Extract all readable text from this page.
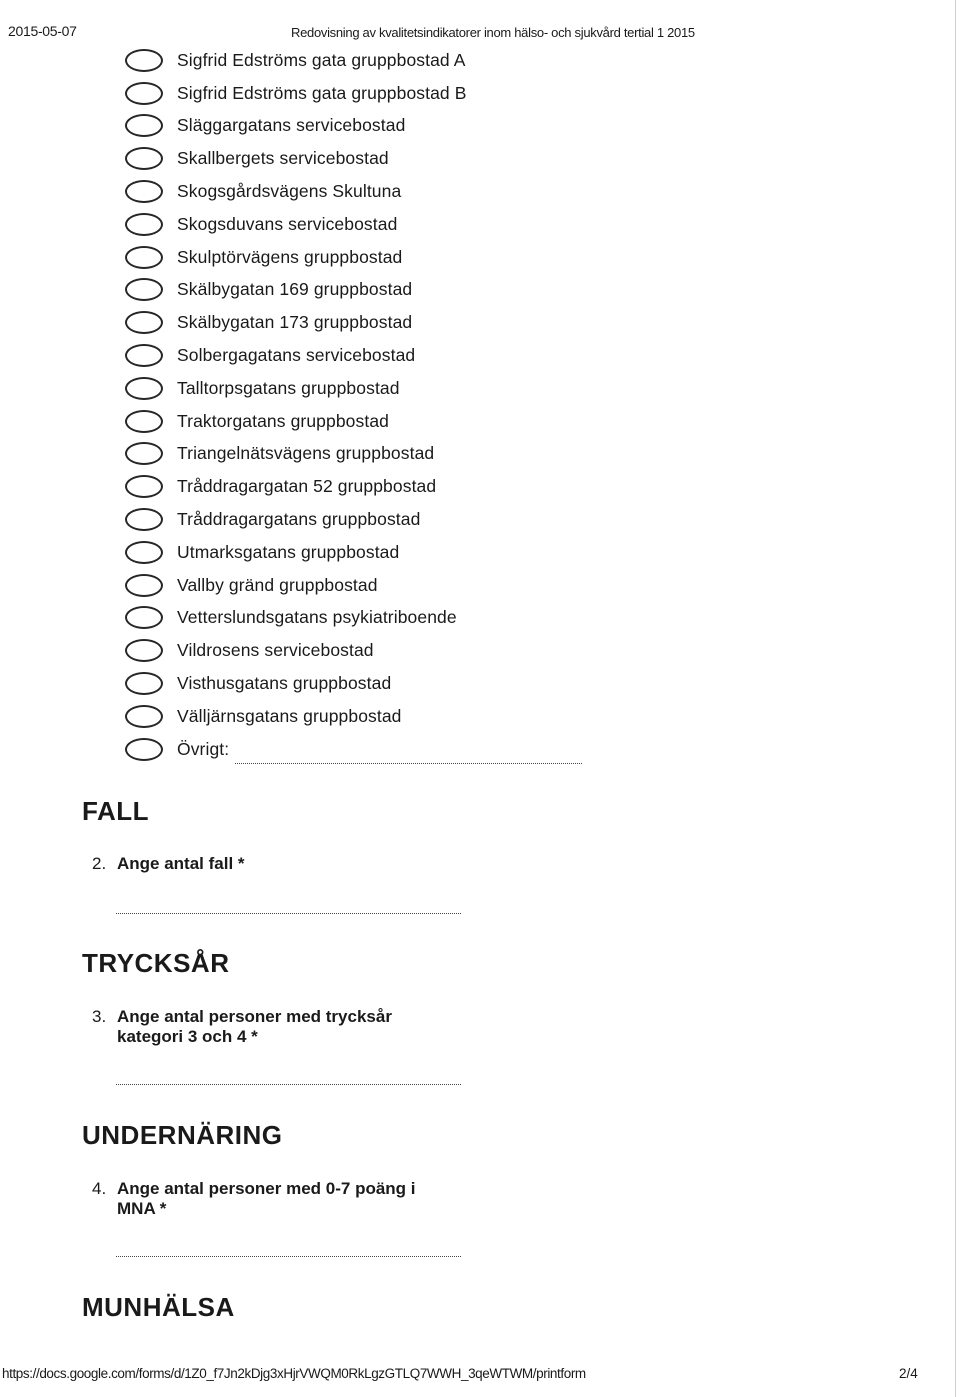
2015-05-07	Redovisning av kvalitetsindikatorer inom hälso- och sjukvård tertial 1 2015
Sigfrid Edströms gata gruppbostad A
Sigfrid Edströms gata gruppbostad B
Släggargatans servicebostad
Skallbergets servicebostad
Skogsgårdsvägens Skultuna
Skogsduvans servicebostad
Skulptörvägens gruppbostad
Skälbygatan 169 gruppbostad
Skälbygatan 173 gruppbostad
Solbergagatans servicebostad
Talltorpsgatans gruppbostad
Traktorgatans gruppbostad
Triangelnätsvägens gruppbostad
Tråddragargatan 52 gruppbostad
Tråddragargatans gruppbostad
Utmarksgatans gruppbostad
Vallby gränd gruppbostad
Vetterslundsgatans psykiatriboende
Vildrosens servicebostad
Visthusgatans gruppbostad
Välljärnsgatans gruppbostad
Övrigt:
FALL
2. Ange antal fall *
TRYCKSÅR
3. Ange antal personer med trycksår
kategori 3 och 4 *
UNDERNÄRING
4. Ange antal personer med 0-7 poäng i
MNA *
MUNHÄLSA
https://docs.google.com/forms/d/1Z0_f7Jn2kDjg3xHjrVWQM0RkLgzGTLQ7WWH_3qeWTWM/printform	2/4
